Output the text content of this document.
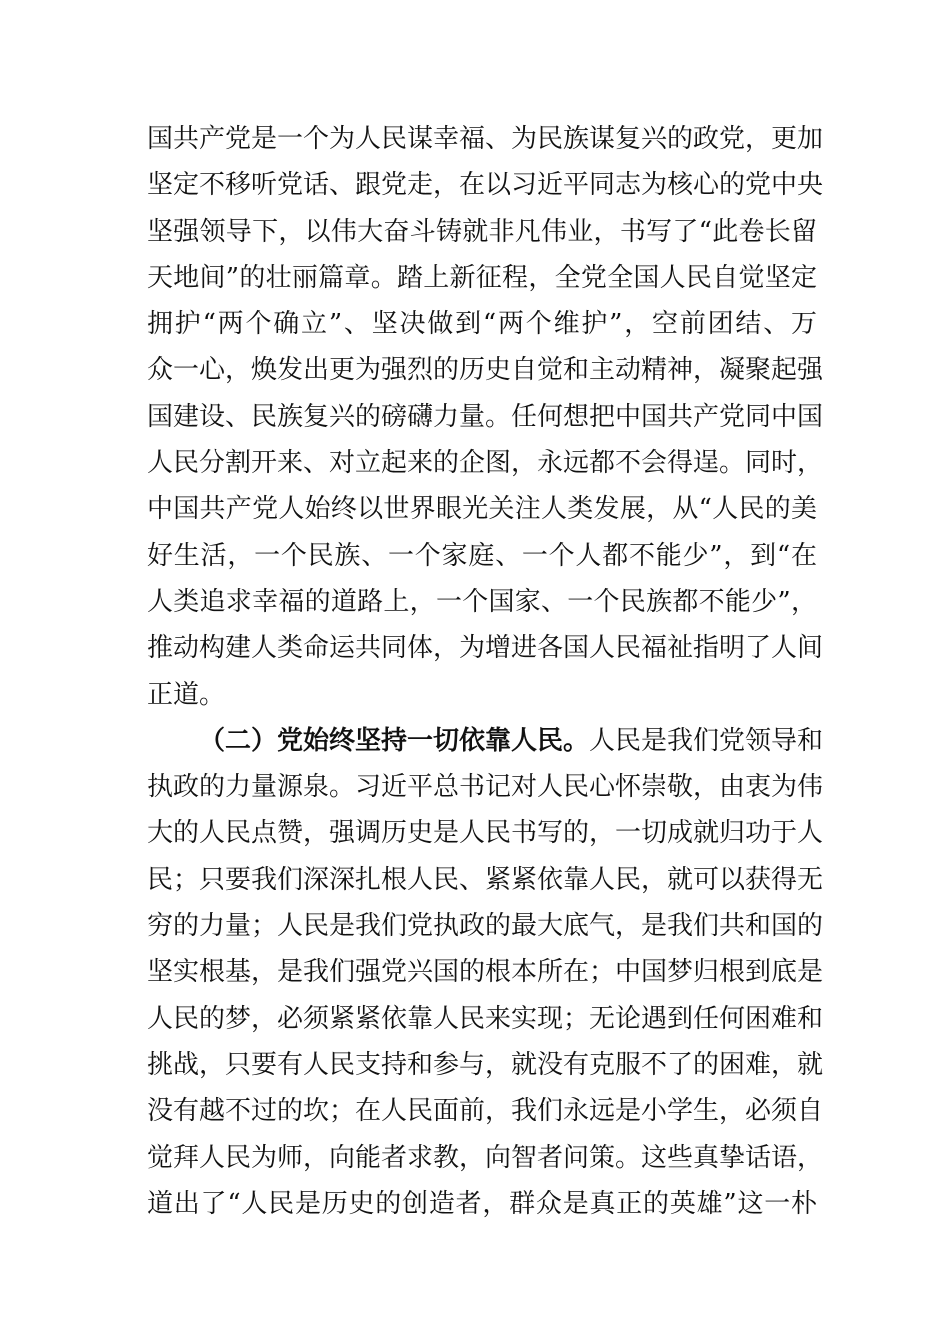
国共产党是一个为人民谋幸福、为民族谋复兴的政党，更加
坚定不移听党话、跟党走，在以习近平同志为核心的党中央
坚强领导下，以伟大奋斗铸就非凡伟业，书写了“此卷长留
天地间”的壮丽篇章。踏上新征程，全党全国人民自觉坚定
拥护“两个确立”、坚决做到“两个维护”，空前团结、万
众一心，焕发出更为强烈的历史自觉和主动精神，凝聚起强
国建设、民族复兴的磅礴力量。任何想把中国共产党同中国
人民分割开来、对立起来的企图，永远都不会得逞。同时，
中国共产党人始终以世界眼光关注人类发展，从“人民的美
好生活，一个民族、一个家庭、一个人都不能少”，到“在
人类追求幸福的道路上，一个国家、一个民族都不能少”，
推动构建人类命运共同体，为增进各国人民福祉指明了人间
正道。
（二）党始终坚持一切依靠人民。人民是我们党领导和
执政的力量源泉。习近平总书记对人民心怀崇敬，由衷为伟
大的人民点赞，强调历史是人民书写的，一切成就归功于人
民；只要我们深深扎根人民、紧紧依靠人民，就可以获得无
穷的力量；人民是我们党执政的最大底气，是我们共和国的
坚实根基，是我们强党兴国的根本所在；中国梦归根到底是
人民的梦，必须紧紧依靠人民来实现；无论遇到任何困难和
挑战，只要有人民支持和参与，就没有克服不了的困难，就
没有越不过的坎；在人民面前，我们永远是小学生，必须自
觉拜人民为师，向能者求教，向智者问策。这些真挚话语，
道出了“人民是历史的创造者，群众是真正的英雄”这一朴
